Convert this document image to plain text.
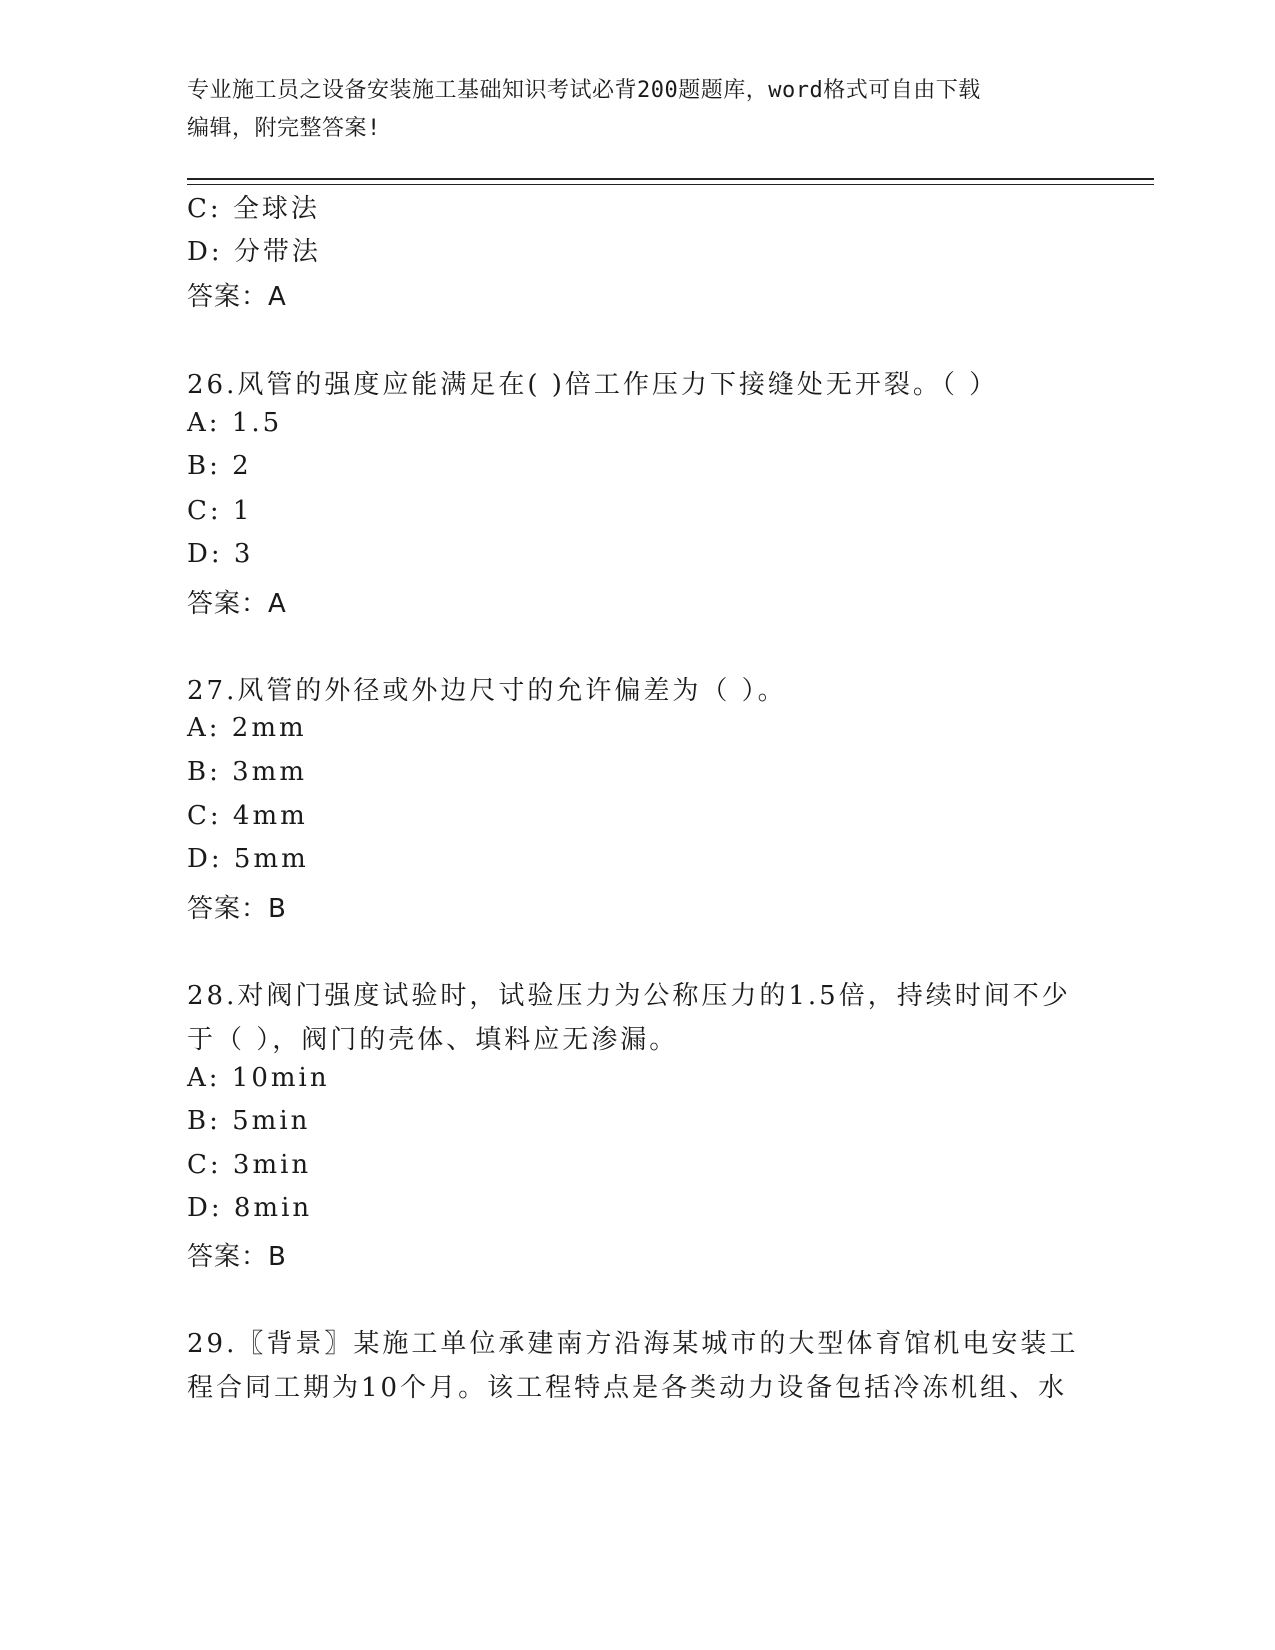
专业施工员之设备安装施工基础知识考试必背200题题库，word格式可自由下载
编辑，附完整答案!
C: 全球法
D: 分带法
答案：A
26.风管的强度应能满足在( )倍工作压力下接缝处无开裂。（ ）
A: 1.5
B: 2
C: 1
D: 3
答案：A
27.风管的外径或外边尺寸的允许偏差为（ ）。
A: 2mm
B: 3mm
C: 4mm
D: 5mm
答案：B
28.对阀门强度试验时，试验压力为公称压力的1.5倍，持续时间不少
于（ ），阀门的壳体、填料应无渗漏。
A: 10min
B: 5min
C: 3min
D: 8min
答案：B
29.〖背景〗某施工单位承建南方沿海某城市的大型体育馆机电安装工
程合同工期为10个月。该工程特点是各类动力设备包括冷冻机组、水
